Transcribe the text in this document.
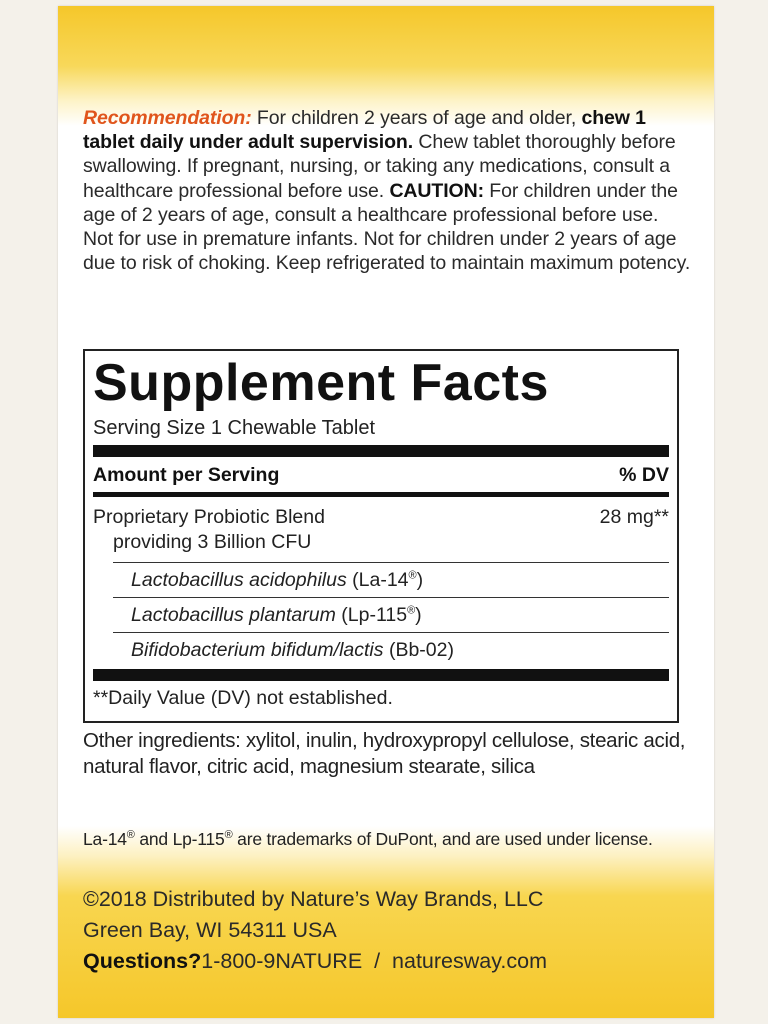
Recommendation: For children 2 years of age and older, chew 1 tablet daily under adult supervision. Chew tablet thoroughly before swallowing. If pregnant, nursing, or taking any medications, consult a healthcare professional before use. CAUTION: For children under the age of 2 years of age, consult a healthcare professional before use. Not for use in premature infants. Not for children under 2 years of age due to risk of choking. Keep refrigerated to maintain maximum potency.

Supplement Facts
Serving Size 1 Chewable Tablet
Amount per Serving	% DV
Proprietary Probiotic Blend	28 mg**
providing 3 Billion CFU
Lactobacillus acidophilus (La-14®)
Lactobacillus plantarum (Lp-115®)
Bifidobacterium bifidum/lactis (Bb-02)
**Daily Value (DV) not established.

Other ingredients: xylitol, inulin, hydroxypropyl cellulose, stearic acid, natural flavor, citric acid, magnesium stearate, silica

La-14® and Lp-115® are trademarks of DuPont, and are used under license.

©2018 Distributed by Nature’s Way Brands, LLC
Green Bay, WI 54311 USA
Questions?1-800-9NATURE  /  naturesway.com
